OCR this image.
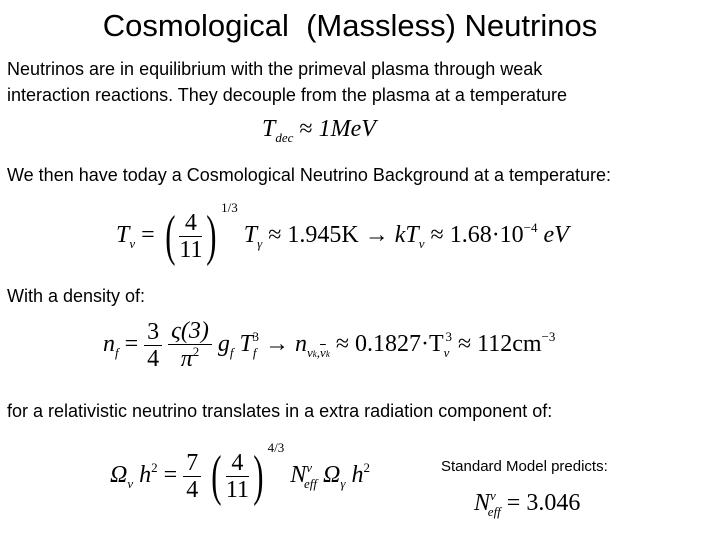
Cosmological  (Massless) Neutrinos
Neutrinos are in equilibrium with the primeval plasma through weak
interaction reactions. They decouple from the plasma at a temperature
$T_{dec} \approx 1MeV$
We then have today a Cosmological Neutrino Background at a temperature:
$T_\nu$ = ( $\frac{4}{11}$ ) $^{1/3}$ $T_\gamma \approx 1.945K \to kT_\nu \approx 1.68\cdot 10^{-4}$ eV
With a density of:
$n_f = \frac{3}{4}$
$\frac{\varsigma(3)}{\pi^2} g_f$ $T_f^3 \to n_{\nu k,\overline{\nu}k} \approx 0.1827\cdot T_\nu^3 \approx 112cm^{-3}$
for a relativistic neutrino translates in a extra radiation component of:
$\Omega_\nu$ $h^2 = \frac{7}{4}$ ( $\frac{4}{11}$ ) $^{4/3}$ $N^\nu_{eff}$ $\Omega_\gamma$ $h^2$	Standard Model predicts:
$N^\nu_{eff} = 3.046$
